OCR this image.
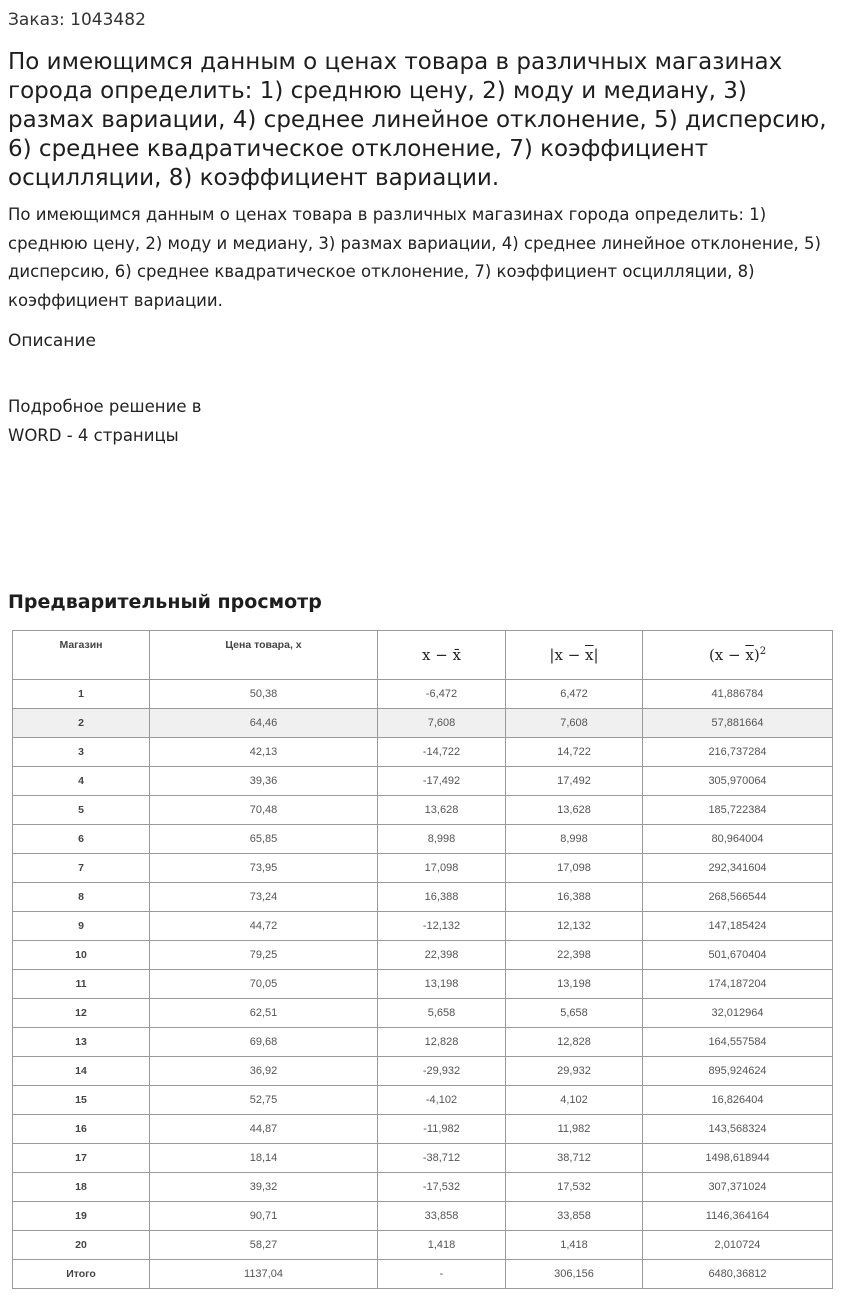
Заказ: 1043482
По имеющимся данным о ценах товара в различных магазинах города определить: 1) среднюю цену, 2) моду и медиану, 3) размах вариации, 4) среднее линейное отклонение, 5) дисперсию, 6) среднее квадратическое отклонение, 7) коэффициент осцилляции, 8) коэффициент вариации.

По имеющимся данным о ценах товара в различных магазинах города определить: 1) среднюю цену, 2) моду и медиану, 3) размах вариации, 4) среднее линейное отклонение, 5) дисперсию, 6) среднее квадратическое отклонение, 7) коэффициент осцилляции, 8) коэффициент вариации.

Описание
Подробное решение в
WORD - 4 страницы
Предварительный просмотр
Магазин	Цена товара, x	x − x̄	$|x - \overline{x}|$	$(x - \overline{x})^2$
1	50,38	-6,472	6,472	41,886784
2	64,46	7,608	7,608	57,881664
3	42,13	-14,722	14,722	216,737284
4	39,36	-17,492	17,492	305,970064
5	70,48	13,628	13,628	185,722384
6	65,85	8,998	8,998	80,964004
7	73,95	17,098	17,098	292,341604
8	73,24	16,388	16,388	268,566544
9	44,72	-12,132	12,132	147,185424
10	79,25	22,398	22,398	501,670404
11	70,05	13,198	13,198	174,187204
12	62,51	5,658	5,658	32,012964
13	69,68	12,828	12,828	164,557584
14	36,92	-29,932	29,932	895,924624
15	52,75	-4,102	4,102	16,826404
16	44,87	-11,982	11,982	143,568324
17	18,14	-38,712	38,712	1498,618944
18	39,32	-17,532	17,532	307,371024
19	90,71	33,858	33,858	1146,364164
20	58,27	1,418	1,418	2,010724
Итого	1137,04	-	306,156	6480,36812
